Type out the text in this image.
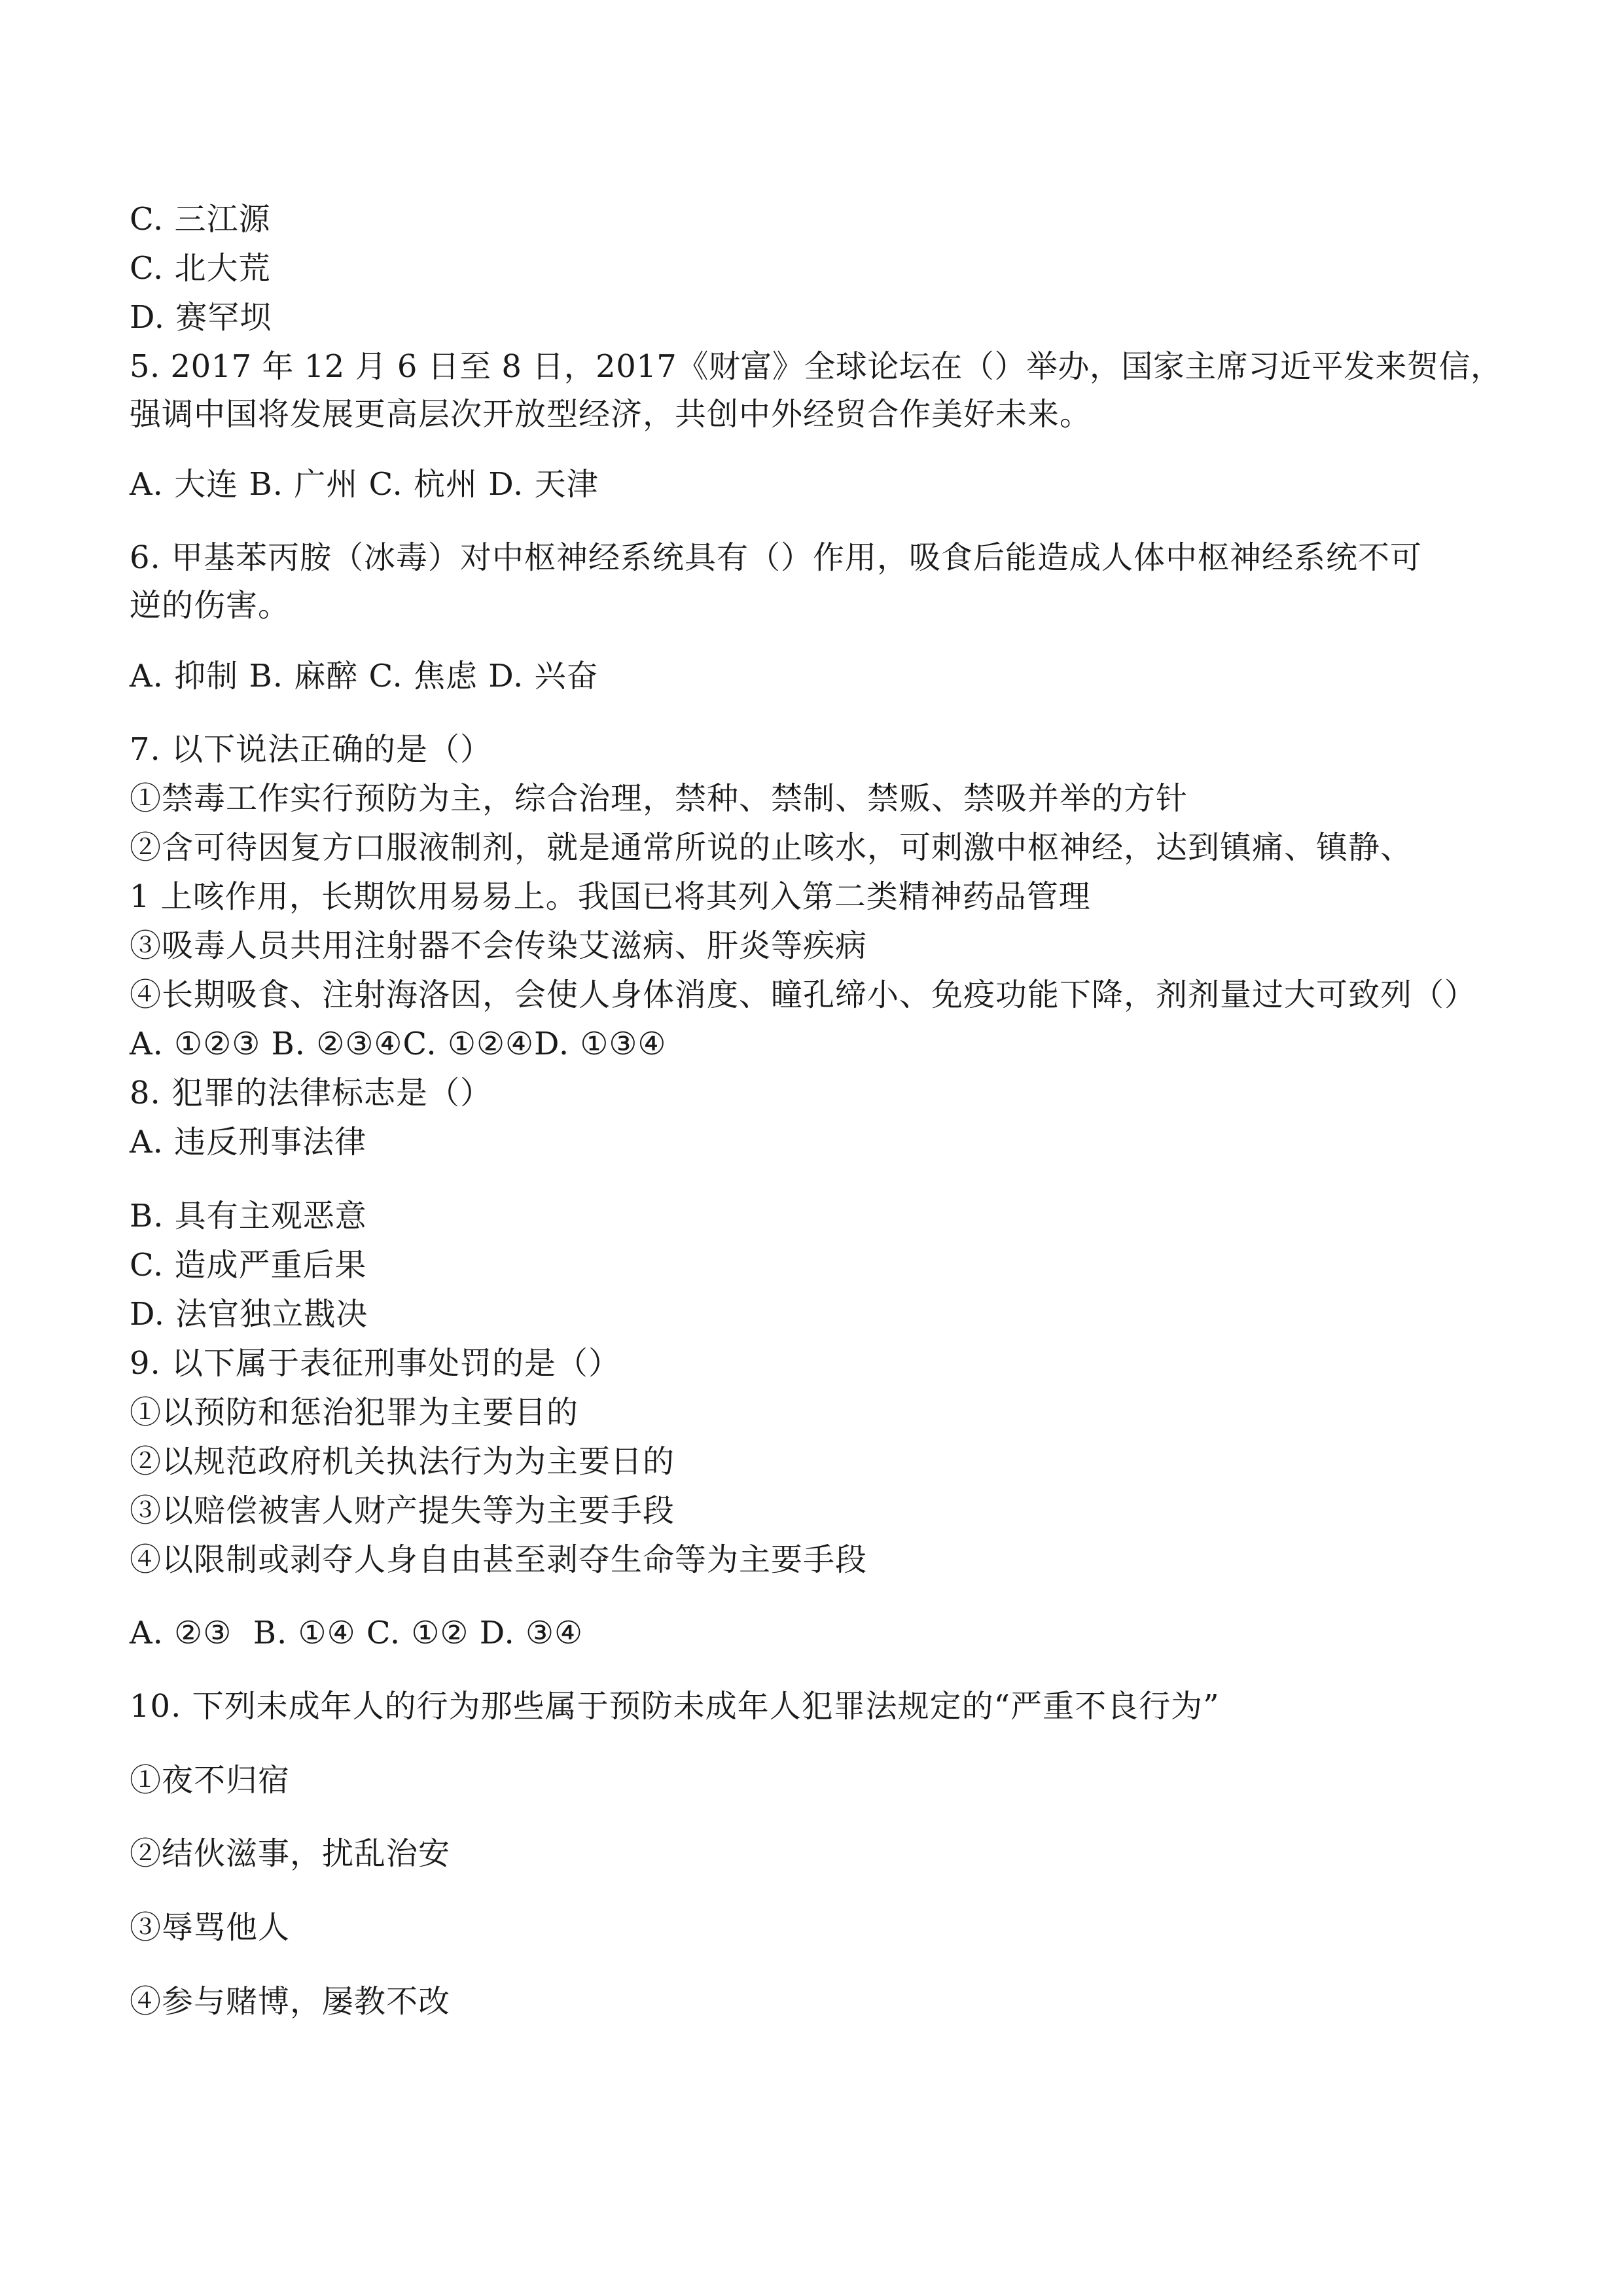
C. 三江源
C. 北大荒
D. 赛罕坝
5. 2017 年 12 月 6 日至 8 日，2017《财富》全球论坛在（）举办，国家主席习近平发来贺信，
强调中国将发展更高层次开放型经济，共创中外经贸合作美好未来。
A. 大连 B. 广州 C. 杭州 D. 天津
6. 甲基苯丙胺（冰毒）对中枢神经系统具有（）作用，吸食后能造成人体中枢神经系统不可
逆的伤害。
A. 抑制 B. 麻醉 C. 焦虑 D. 兴奋
7. 以下说法正确的是（）
①禁毒工作实行预防为主，综合治理，禁种、禁制、禁贩、禁吸并举的方针
②含可待因复方口服液制剂，就是通常所说的止咳水，可刺激中枢神经，达到镇痛、镇静、
1 上咳作用，长期饮用易易上。我国已将其列入第二类精神药品管理
③吸毒人员共用注射器不会传染艾滋病、肝炎等疾病
④长期吸食、注射海洛因，会使人身体消度、瞳孔缔小、免疫功能下降，剂剂量过大可致列（）
A. ①②③ B. ②③④C. ①②④D. ①③④
8. 犯罪的法律标志是（）
A. 违反刑事法律
B. 具有主观恶意
C. 造成严重后果
D. 法官独立戡决
9. 以下属于表征刑事处罚的是（）
①以预防和惩治犯罪为主要目的
②以规范政府机关执法行为为主要日的
③以赔偿被害人财产提失等为主要手段
④以限制或剥夺人身自由甚至剥夺生命等为主要手段
A. ②③  B. ①④ C. ①② D. ③④
10. 下列未成年人的行为那些属于预防未成年人犯罪法规定的“严重不良行为”
①夜不归宿
②结伙滋事，扰乱治安
③辱骂他人
④参与赌博，屡教不改
